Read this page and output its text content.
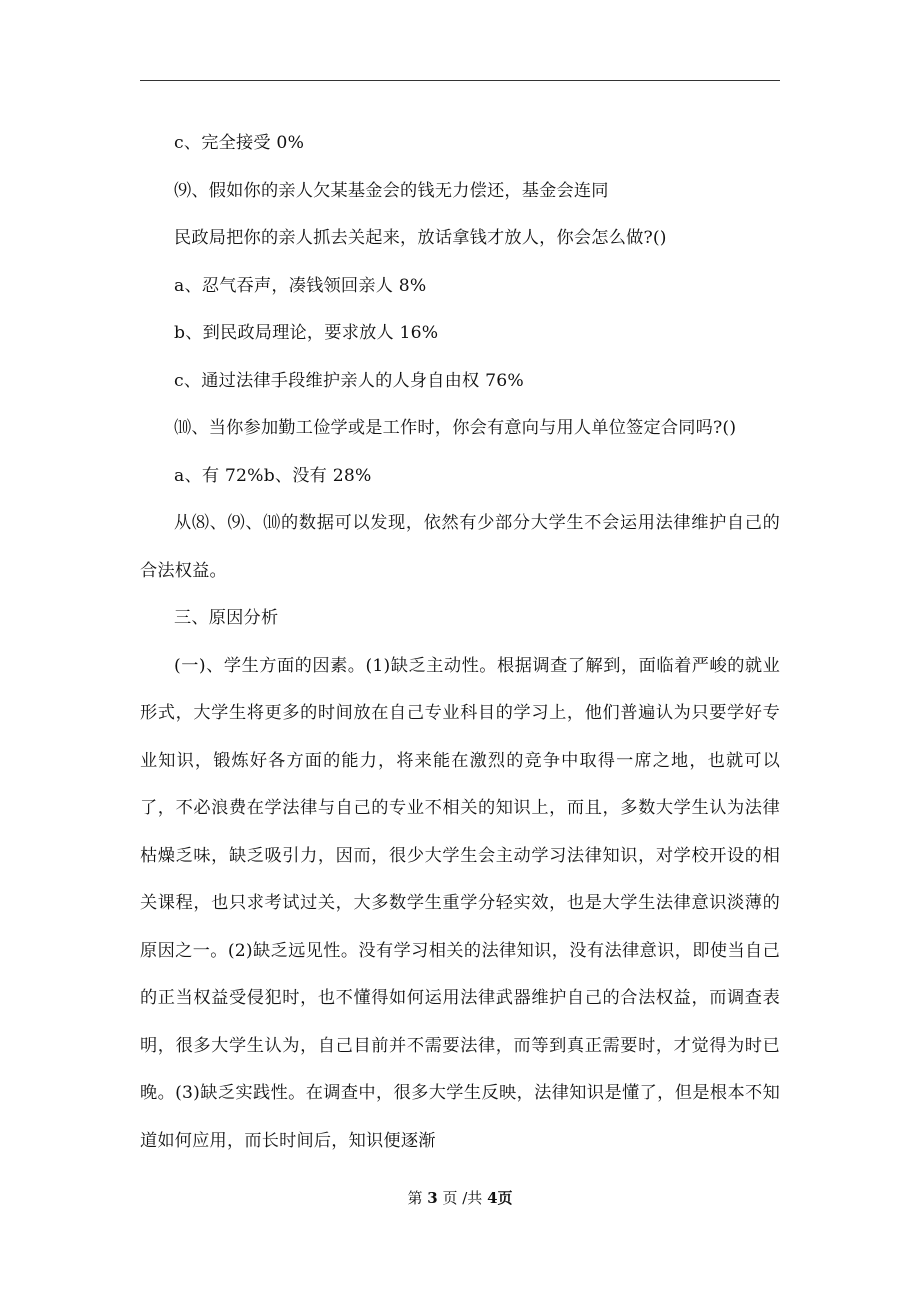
c、完全接受 0%

⑼、假如你的亲人欠某基金会的钱无力偿还，基金会连同

民政局把你的亲人抓去关起来，放话拿钱才放人，你会怎么做?()

a、忍气吞声，凑钱领回亲人 8%

b、到民政局理论，要求放人 16%

c、通过法律手段维护亲人的人身自由权 76%

⑽、当你参加勤工俭学或是工作时，你会有意向与用人单位签定合同吗?()

a、有 72%b、没有 28%

从⑻、⑼、⑽的数据可以发现，依然有少部分大学生不会运用法律维护自己的合法权益。

三、原因分析

(一)、学生方面的因素。(1)缺乏主动性。根据调查了解到，面临着严峻的就业形式，大学生将更多的时间放在自己专业科目的学习上，他们普遍认为只要学好专业知识，锻炼好各方面的能力，将来能在激烈的竞争中取得一席之地，也就可以了，不必浪费在学法律与自己的专业不相关的知识上，而且，多数大学生认为法律枯燥乏味，缺乏吸引力，因而，很少大学生会主动学习法律知识，对学校开设的相关课程，也只求考试过关，大多数学生重学分轻实效，也是大学生法律意识淡薄的原因之一。(2)缺乏远见性。没有学习相关的法律知识，没有法律意识，即使当自己的正当权益受侵犯时，也不懂得如何运用法律武器维护自己的合法权益，而调查表明，很多大学生认为，自己目前并不需要法律，而等到真正需要时，才觉得为时已晚。(3)缺乏实践性。在调查中，很多大学生反映，法律知识是懂了，但是根本不知道如何应用，而长时间后，知识便逐渐

第 3 页 /共 4页
